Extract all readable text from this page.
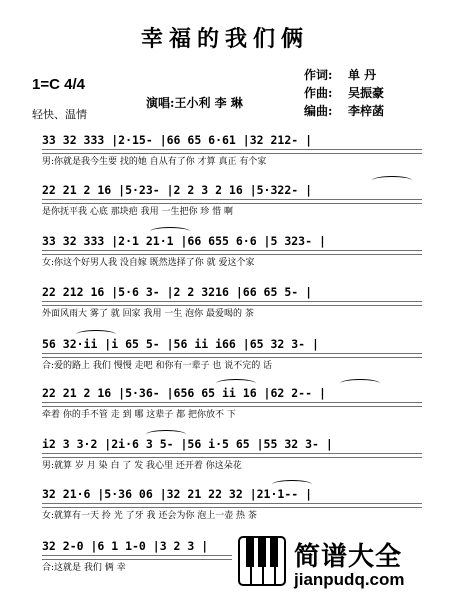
幸福的我们俩
1=C 4/4
轻快、温情
演唱:王小利 李 琳
作词: 单 丹
作曲: 吴振豪
编曲: 李梓菡
33 32 333 |2·15- |66 65 6·61 |32 212- |
男:你就是我今生要 找的她 自从有了你 才算 真正 有个家
22 21 2 16 |5·23- |2 2 3 2 16 |5·322- |
是你抚平我 心底 那块疤 我用 一生把你 珍 惜 啊
33 32 333 |2·1 21·1 |66 655 6·6 |5 323- |
女:你这个好男人我 没自嫁 既然选择了你 就 爱这个家
22 212 16 |5·6 3- |2 2 3216 |66 65 5- |
外面风雨大 雾了 就 回家 我用 一生 泡你 最爱喝的 茶
56 32·ii |i 65 5- |56 ii i66 |65 32 3- |
合:爱的路上 我们 慢慢 走吧 和你有一辈子 也 说不完的 话
22 21 2 16 |5·36- |656 65 ii 16 |62 2-- |
牵着 你的手不管 走 到 哪 这辈子 都 把你放不 下
i2 3 3·2 |2i·6 3 5- |56 i·5 65 |55 32 3- |
男:就算 岁 月 染 白 了 发 我心里 还开着 你这朵花
32 21·6 |5·36 06 |32 21 22 32 |21·1-- |
女:就算有一天 拎 光 了牙 我 还会为你 泡上一壶 热 茶
32 2-0 |6 1 1-0 |3 2 3 |
合:这就是 我们 俩 幸	简谱大全
jianpudq.com
